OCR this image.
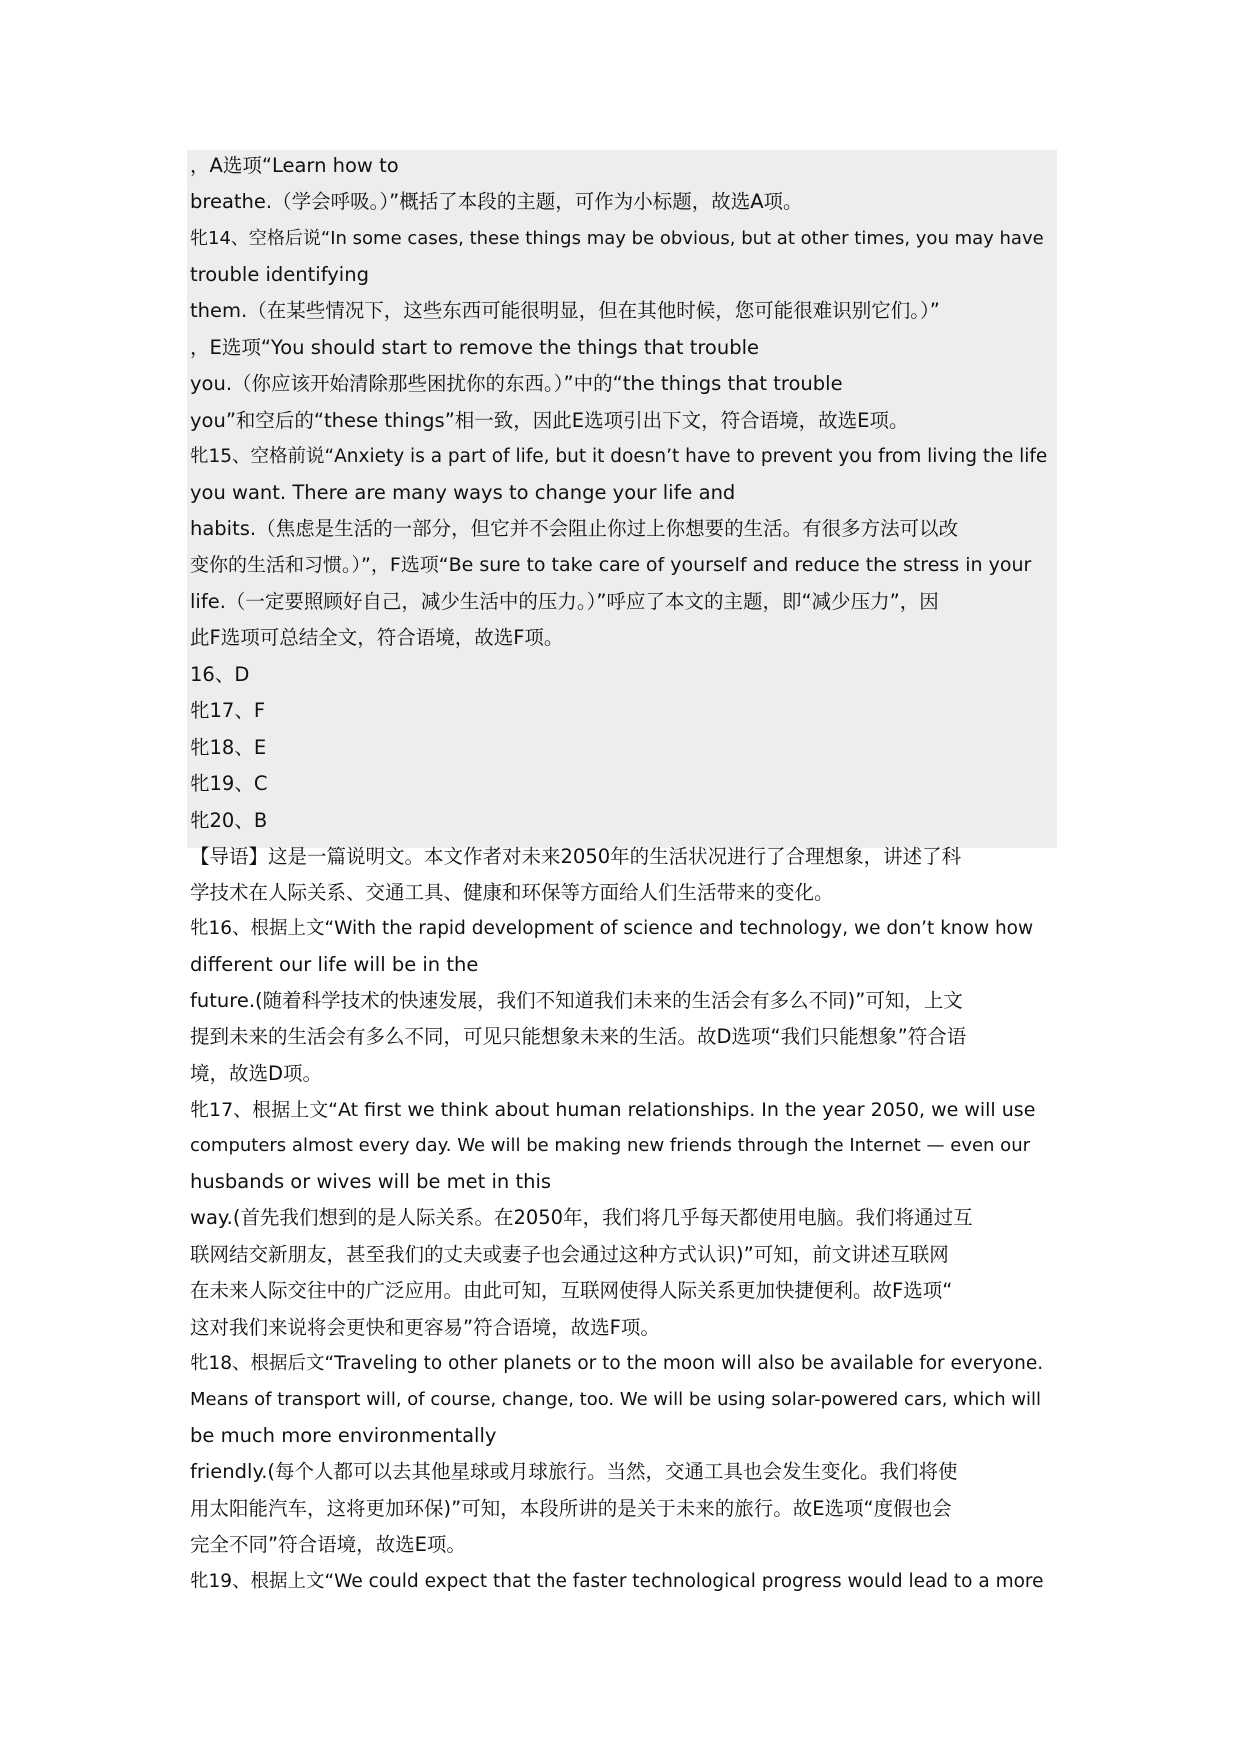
，A选项“Learn how to
breathe.（学会呼吸。）”概括了本段的主题，可作为小标题，故选A项。
牝14、空格后说“In some cases, these things may be obvious, but at other times, you may have
trouble identifying
them.（在某些情况下，这些东西可能很明显，但在其他时候，您可能很难识别它们。）”
，E选项“You should start to remove the things that trouble
you.（你应该开始清除那些困扰你的东西。）”中的“the things that trouble
you”和空后的“these things”相一致，因此E选项引出下文，符合语境，故选E项。
牝15、空格前说“Anxiety is a part of life, but it doesn’t have to prevent you from living the life
you want. There are many ways to change your life and
habits.（焦虑是生活的一部分，但它并不会阻止你过上你想要的生活。有很多方法可以改
变你的生活和习惯。）”，F选项“Be sure to take care of yourself and reduce the stress in your
life.（一定要照顾好自己，减少生活中的压力。）”呼应了本文的主题，即“减少压力”，因
此F选项可总结全文，符合语境，故选F项。
16、D
牝17、F
牝18、E
牝19、C
牝20、B
【导语】这是一篇说明文。本文作者对未来2050年的生活状况进行了合理想象，讲述了科
学技术在人际关系、交通工具、健康和环保等方面给人们生活带来的变化。
牝16、根据上文“With the rapid development of science and technology, we don’t know how
different our life will be in the
future.(随着科学技术的快速发展，我们不知道我们未来的生活会有多么不同)”可知，上文
提到未来的生活会有多么不同，可见只能想象未来的生活。故D选项“我们只能想象”符合语
境，故选D项。
牝17、根据上文“At first we think about human relationships. In the year 2050, we will use
computers almost every day. We will be making new friends through the Internet — even our
husbands or wives will be met in this
way.(首先我们想到的是人际关系。在2050年，我们将几乎每天都使用电脑。我们将通过互
联网结交新朋友，甚至我们的丈夫或妻子也会通过这种方式认识)”可知，前文讲述互联网
在未来人际交往中的广泛应用。由此可知，互联网使得人际关系更加快捷便利。故F选项“
这对我们来说将会更快和更容易”符合语境，故选F项。
牝18、根据后文“Traveling to other planets or to the moon will also be available for everyone.
Means of transport will, of course, change, too. We will be using solar-powered cars, which will
be much more environmentally
friendly.(每个人都可以去其他星球或月球旅行。当然，交通工具也会发生变化。我们将使
用太阳能汽车，这将更加环保)”可知，本段所讲的是关于未来的旅行。故E选项“度假也会
完全不同”符合语境，故选E项。
牝19、根据上文“We could expect that the faster technological progress would lead to a more
